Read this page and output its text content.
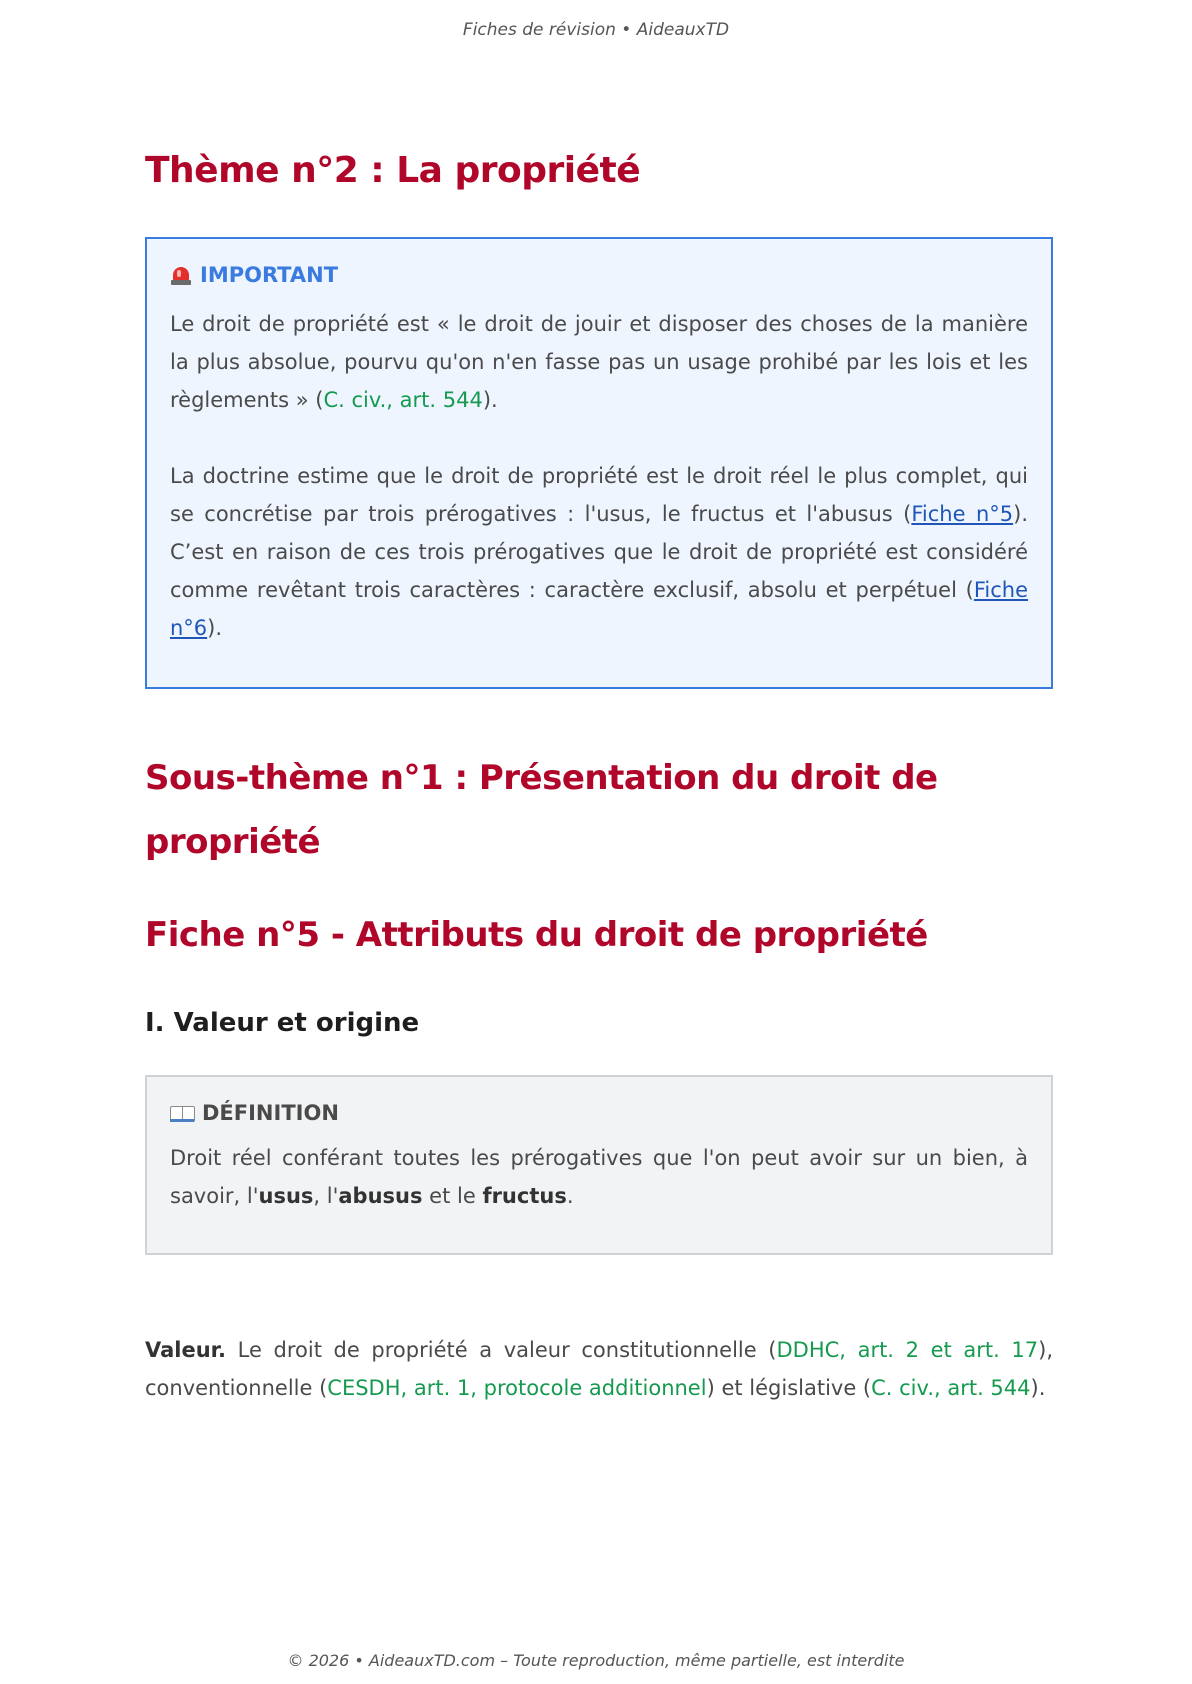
Fiches de révision • AideauxTD
Thème n°2 : La propriété
IMPORTANT

Le droit de propriété est « le droit de jouir et disposer des choses de la manière la plus absolue, pourvu qu'on n'en fasse pas un usage prohibé par les lois et les règlements » (C. civ., art. 544).

La doctrine estime que le droit de propriété est le droit réel le plus complet, qui se concrétise par trois prérogatives : l'usus, le fructus et l'abusus (Fiche n°5). C’est en raison de ces trois prérogatives que le droit de propriété est considéré comme revêtant trois caractères : caractère exclusif, absolu et perpétuel (Fiche n°6).

Sous-thème n°1 : Présentation du droit de propriété
Fiche n°5 - Attributs du droit de propriété
I. Valeur et origine
DÉFINITION

Droit réel conférant toutes les prérogatives que l'on peut avoir sur un bien, à savoir, l'usus, l'abusus et le fructus.

Valeur. Le droit de propriété a valeur constitutionnelle (DDHC, art. 2 et art. 17), conventionnelle (CESDH, art. 1, protocole additionnel) et législative (C. civ., art. 544).

© 2026 • AideauxTD.com – Toute reproduction, même partielle, est interdite
